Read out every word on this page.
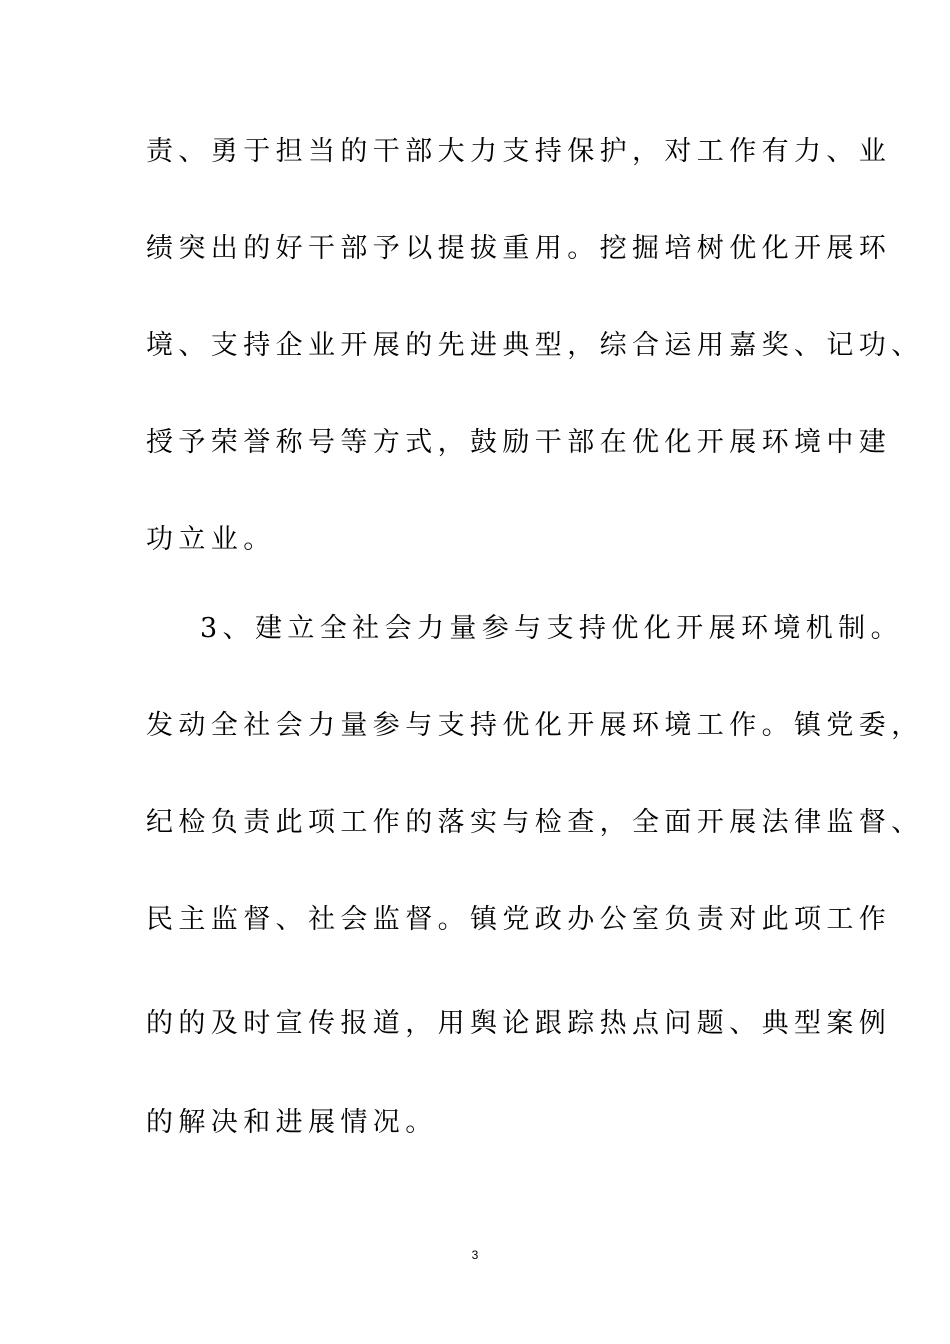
责、勇于担当的干部大力支持保护，对工作有力、业
绩突出的好干部予以提拔重用。挖掘培树优化开展环
境、支持企业开展的先进典型，综合运用嘉奖、记功、
授予荣誉称号等方式，鼓励干部在优化开展环境中建
功立业。
3、建立全社会力量参与支持优化开展环境机制。
发动全社会力量参与支持优化开展环境工作。镇党委，
纪检负责此项工作的落实与检查，全面开展法律监督、
民主监督、社会监督。镇党政办公室负责对此项工作
的的及时宣传报道，用舆论跟踪热点问题、典型案例
的解决和进展情况。
3
